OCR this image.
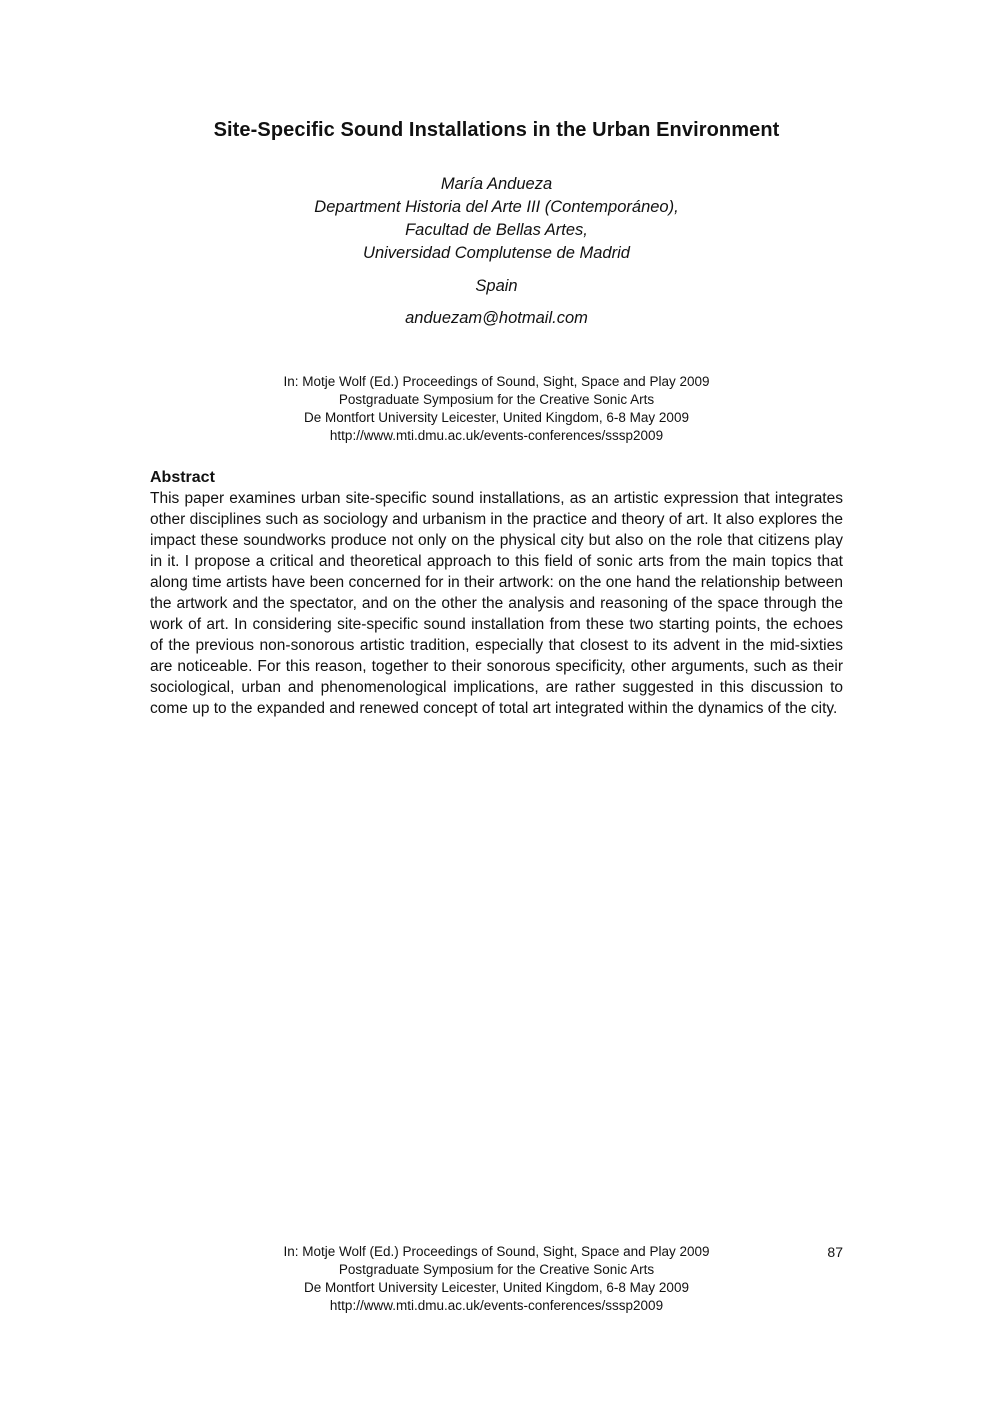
Site-Specific Sound Installations in the Urban Environment

María Andueza

Department Historia del Arte III (Contemporáneo),

Facultad de Bellas Artes,

Universidad Complutense de Madrid

Spain

anduezam@hotmail.com

In: Motje Wolf (Ed.) Proceedings of Sound, Sight, Space and Play 2009

Postgraduate Symposium for the Creative Sonic Arts

De Montfort University Leicester, United Kingdom, 6-8 May 2009

http://www.mti.dmu.ac.uk/events-conferences/sssp2009

Abstract

This paper examines urban site-specific sound installations, as an artistic expression that integrates other disciplines such as sociology and urbanism in the practice and theory of art. It also explores the impact these soundworks produce not only on the physical city but also on the role that citizens play in it. I propose a critical and theoretical approach to this field of sonic arts from the main topics that along time artists have been concerned for in their artwork: on the one hand the relationship between the artwork and the spectator, and on the other the analysis and reasoning of the space through the work of art. In considering site-specific sound installation from these two starting points, the echoes of the previous non-sonorous artistic tradition, especially that closest to its advent in the mid-sixties are noticeable. For this reason, together to their sonorous specificity, other arguments, such as their sociological, urban and phenomenological implications, are rather suggested in this discussion to come up to the expanded and renewed concept of total art integrated within the dynamics of the city.

In: Motje Wolf (Ed.) Proceedings of Sound, Sight, Space and Play 2009

Postgraduate Symposium for the Creative Sonic Arts

De Montfort University Leicester, United Kingdom, 6-8 May 2009

http://www.mti.dmu.ac.uk/events-conferences/sssp2009

87
